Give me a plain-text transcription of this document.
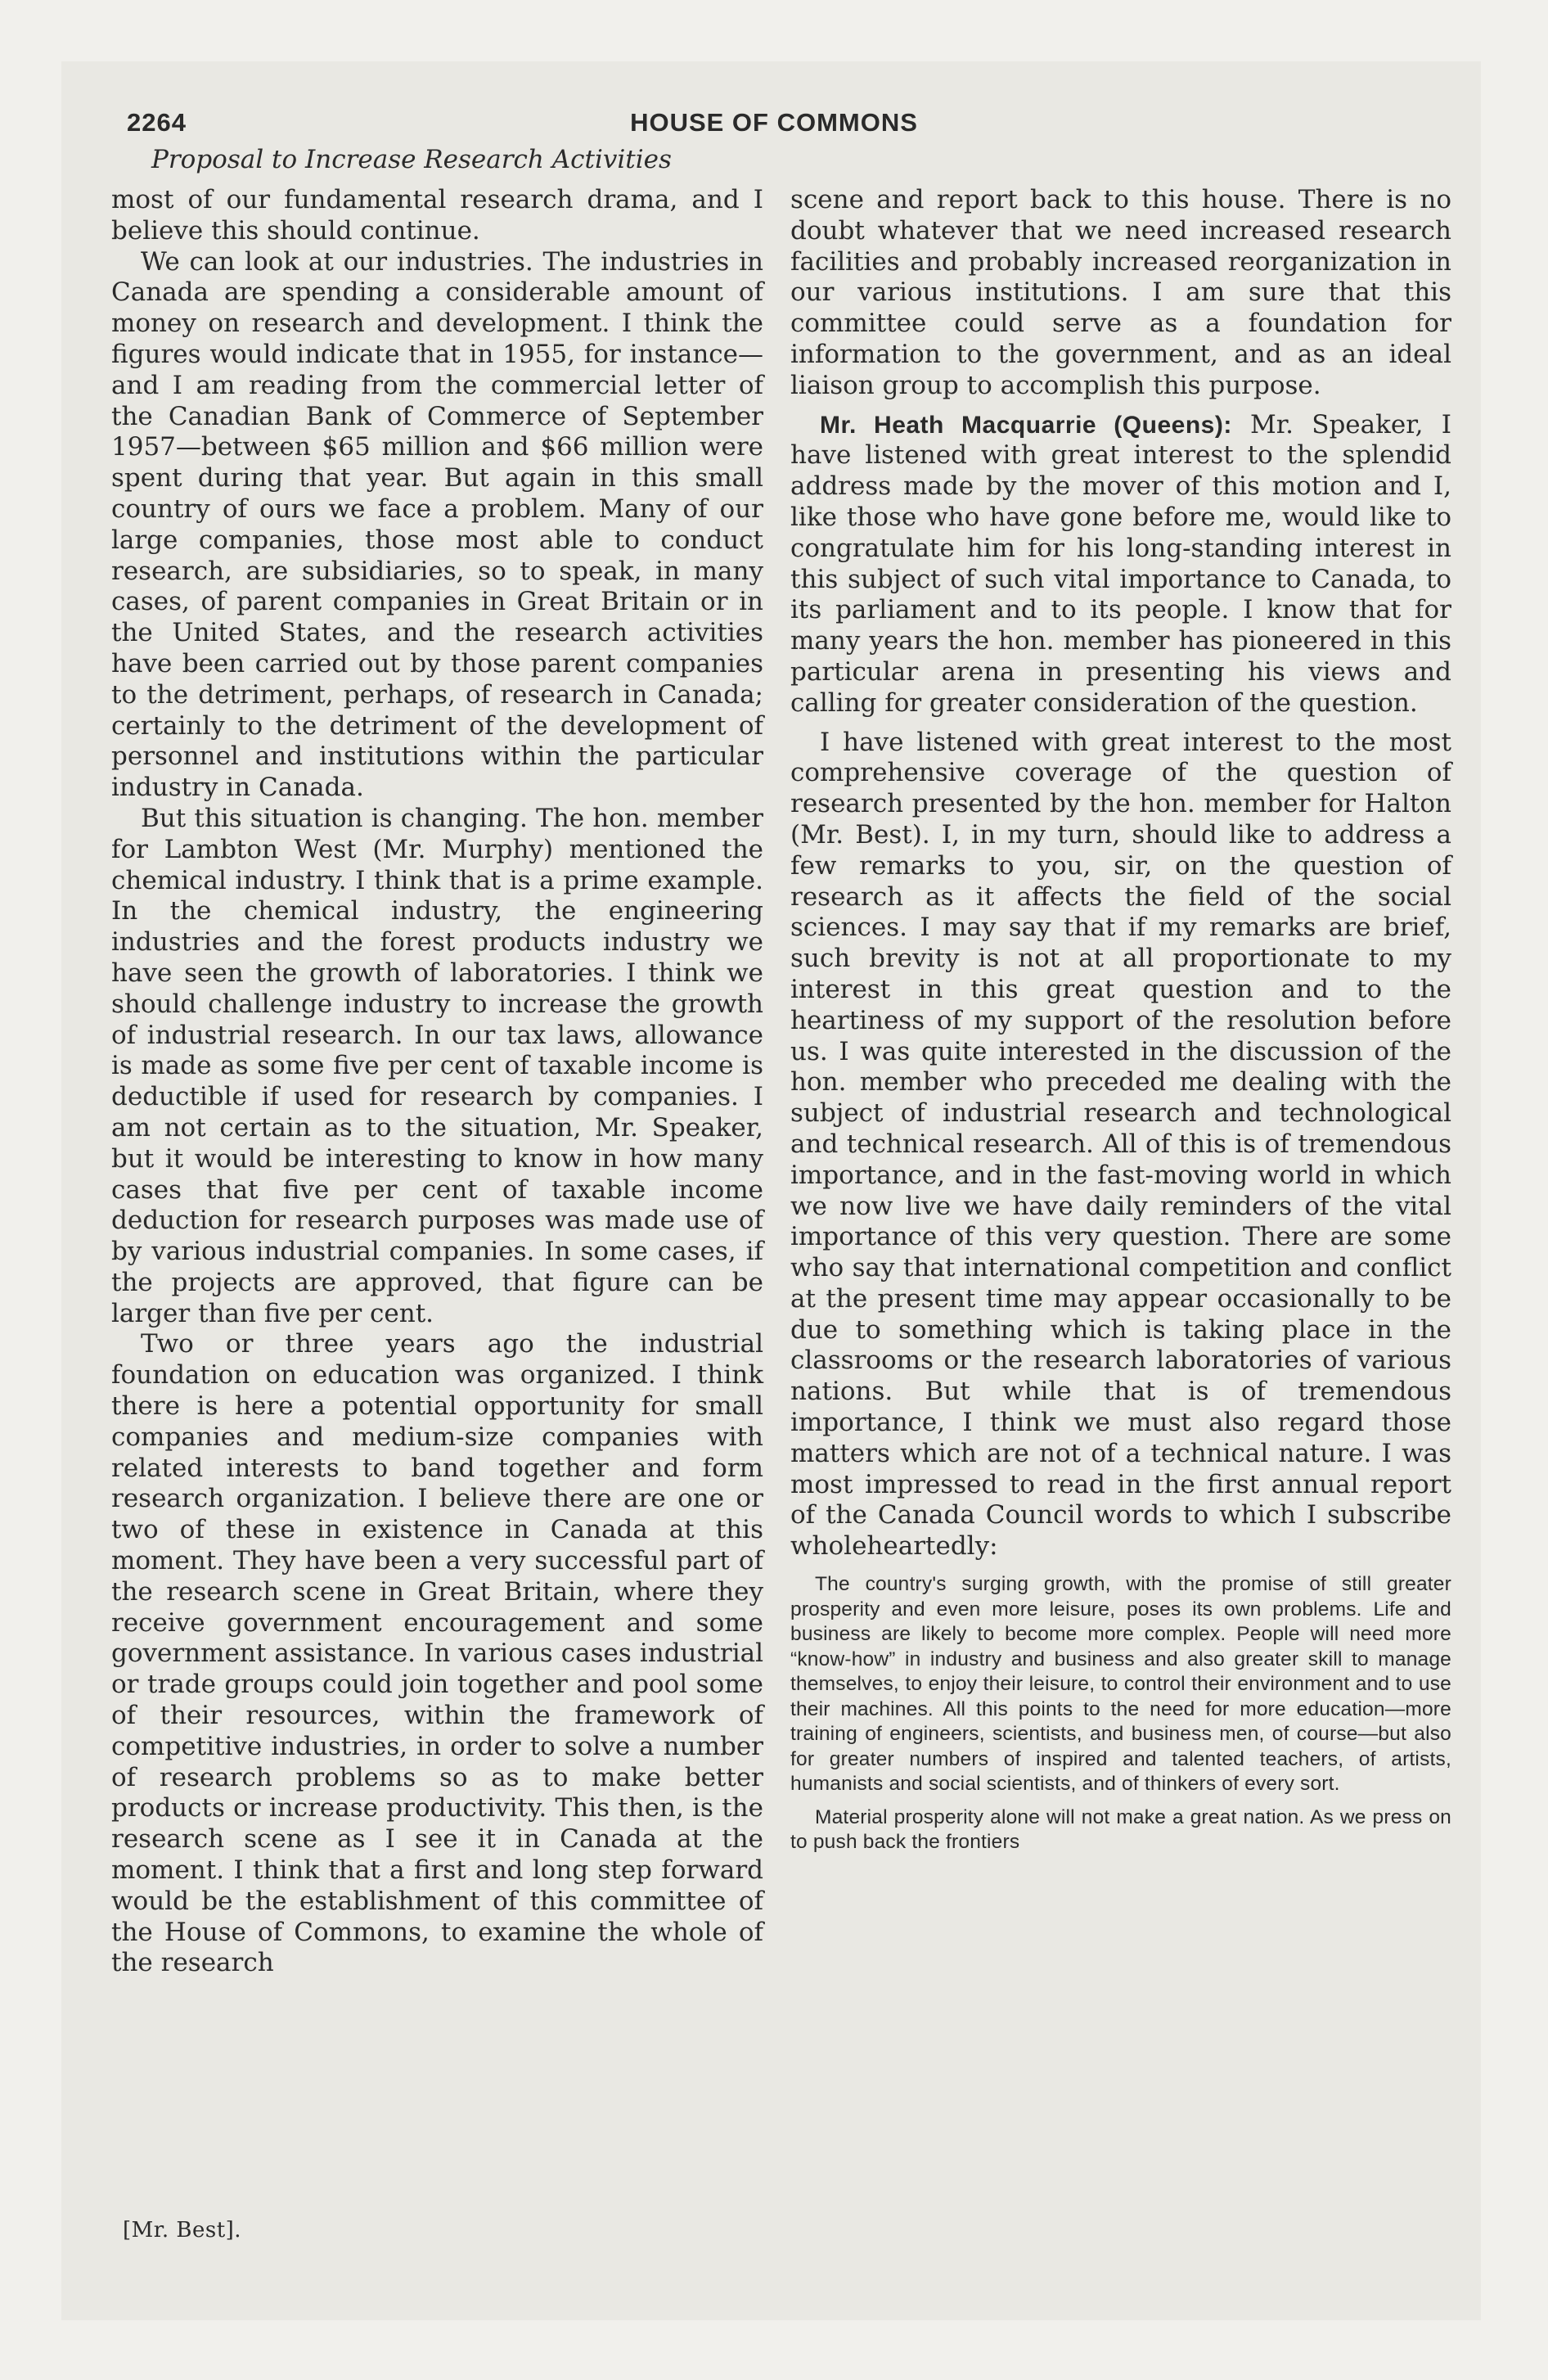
2264	HOUSE OF COMMONS
Proposal to Increase Research Activities

most of our fundamental research drama, and I believe this should continue.

We can look at our industries. The industries in Canada are spending a considerable amount of money on research and development. I think the figures would indicate that in 1955, for instance—and I am reading from the commercial letter of the Canadian Bank of Commerce of September 1957—between $65 million and $66 million were spent during that year. But again in this small country of ours we face a problem. Many of our large companies, those most able to conduct research, are subsidiaries, so to speak, in many cases, of parent companies in Great Britain or in the United States, and the research activities have been carried out by those parent companies to the detriment, perhaps, of research in Canada; certainly to the detriment of the development of personnel and institutions within the particular industry in Canada.

But this situation is changing. The hon. member for Lambton West (Mr. Murphy) mentioned the chemical industry. I think that is a prime example. In the chemical industry, the engineering industries and the forest products industry we have seen the growth of laboratories. I think we should challenge industry to increase the growth of industrial research. In our tax laws, allowance is made as some five per cent of taxable income is deductible if used for research by companies. I am not certain as to the situation, Mr. Speaker, but it would be interesting to know in how many cases that five per cent of taxable income deduction for research purposes was made use of by various industrial companies. In some cases, if the projects are approved, that figure can be larger than five per cent.

Two or three years ago the industrial foundation on education was organized. I think there is here a potential opportunity for small companies and medium-size companies with related interests to band together and form research organization. I believe there are one or two of these in existence in Canada at this moment. They have been a very successful part of the research scene in Great Britain, where they receive government encouragement and some government assistance. In various cases industrial or trade groups could join together and pool some of their resources, within the framework of competitive industries, in order to solve a number of research problems so as to make better products or increase productivity. This then, is the research scene as I see it in Canada at the moment. I think that a first and long step forward would be the establishment of this committee of the House of Commons, to examine the whole of the research

scene and report back to this house. There is no doubt whatever that we need increased research facilities and probably increased reorganization in our various institutions. I am sure that this committee could serve as a foundation for information to the government, and as an ideal liaison group to accomplish this purpose.

Mr. Heath Macquarrie (Queens): Mr. Speaker, I have listened with great interest to the splendid address made by the mover of this motion and I, like those who have gone before me, would like to congratulate him for his long-standing interest in this subject of such vital importance to Canada, to its parliament and to its people. I know that for many years the hon. member has pioneered in this particular arena in presenting his views and calling for greater consideration of the question.

I have listened with great interest to the most comprehensive coverage of the question of research presented by the hon. member for Halton (Mr. Best). I, in my turn, should like to address a few remarks to you, sir, on the question of research as it affects the field of the social sciences. I may say that if my remarks are brief, such brevity is not at all proportionate to my interest in this great question and to the heartiness of my support of the resolution before us. I was quite interested in the discussion of the hon. member who preceded me dealing with the subject of industrial research and technological and technical research. All of this is of tremendous importance, and in the fast-moving world in which we now live we have daily reminders of the vital importance of this very question. There are some who say that international competition and conflict at the present time may appear occasionally to be due to something which is taking place in the classrooms or the research laboratories of various nations. But while that is of tremendous importance, I think we must also regard those matters which are not of a technical nature. I was most impressed to read in the first annual report of the Canada Council words to which I subscribe wholeheartedly:

The country's surging growth, with the promise of still greater prosperity and even more leisure, poses its own problems. Life and business are likely to become more complex. People will need more “know-how” in industry and business and also greater skill to manage themselves, to enjoy their leisure, to control their environment and to use their machines. All this points to the need for more education—more training of engineers, scientists, and business men, of course—but also for greater numbers of inspired and talented teachers, of artists, humanists and social scientists, and of thinkers of every sort.

Material prosperity alone will not make a great nation. As we press on to push back the frontiers

[Mr. Best].
